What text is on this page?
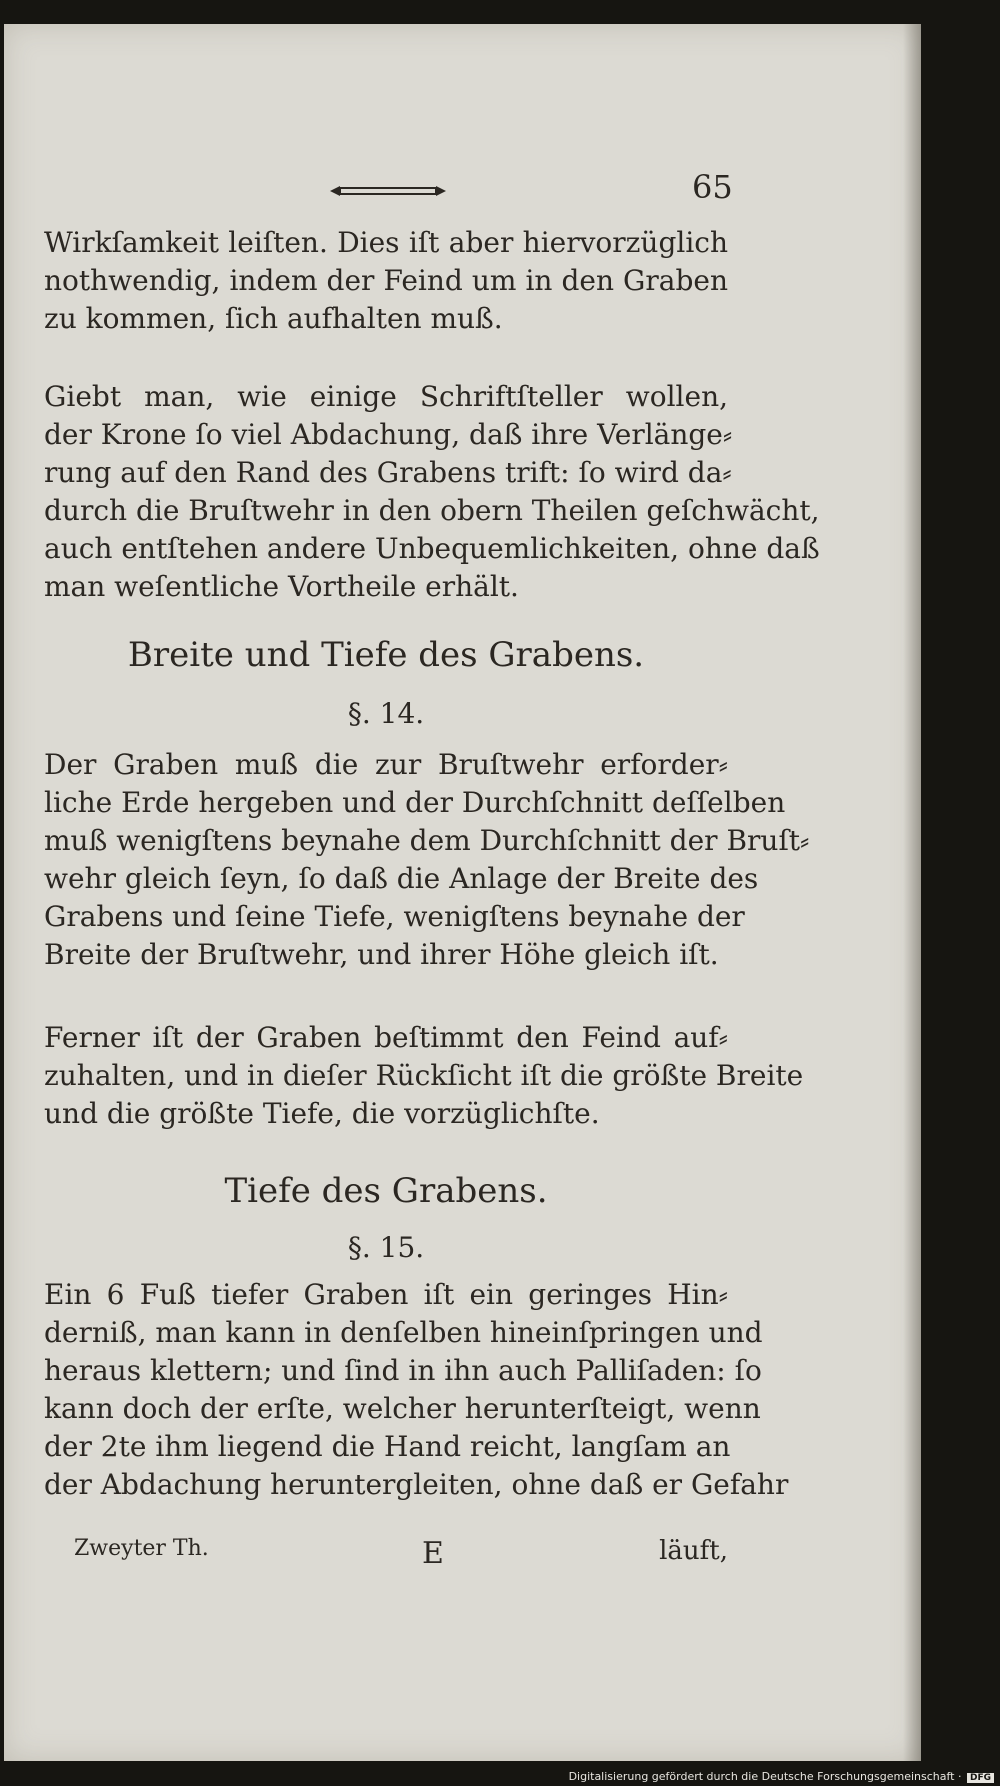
65
Wirkſamkeit leiſten. Dies iſt aber hiervorzüglich
nothwendig, indem der Feind um in den Graben
zu kommen, ſich aufhalten muß.
Giebt man, wie einige Schriftſteller wollen,
der Krone ſo viel Abdachung, daß ihre Verlänge⸗
rung auf den Rand des Grabens trift: ſo wird da⸗
durch die Bruſtwehr in den obern Theilen geſchwächt,
auch entſtehen andere Unbequemlichkeiten, ohne daß
man weſentliche Vortheile erhält.
Breite und Tiefe des Grabens.
§. 14.
Der Graben muß die zur Bruſtwehr erforder⸗
liche Erde hergeben und der Durchſchnitt deſſelben
muß wenigſtens beynahe dem Durchſchnitt der Bruſt⸗
wehr gleich ſeyn, ſo daß die Anlage der Breite des
Grabens und ſeine Tiefe, wenigſtens beynahe der
Breite der Bruſtwehr, und ihrer Höhe gleich iſt.
Ferner iſt der Graben beſtimmt den Feind auf⸗
zuhalten, und in dieſer Rückſicht iſt die größte Breite
und die größte Tiefe, die vorzüglichſte.
Tiefe des Grabens.
§. 15.
Ein 6 Fuß tiefer Graben iſt ein geringes Hin⸗
derniß, man kann in denſelben hineinſpringen und
heraus klettern; und ſind in ihn auch Palliſaden: ſo
kann doch der erſte, welcher herunterſteigt, wenn
der 2te ihm liegend die Hand reicht, langſam an
der Abdachung heruntergleiten, ohne daß er Gefahr
Zweyter Th.	E	läuft,
Digitalisierung gefördert durch die Deutsche Forschungsgemeinschaft · DFG
